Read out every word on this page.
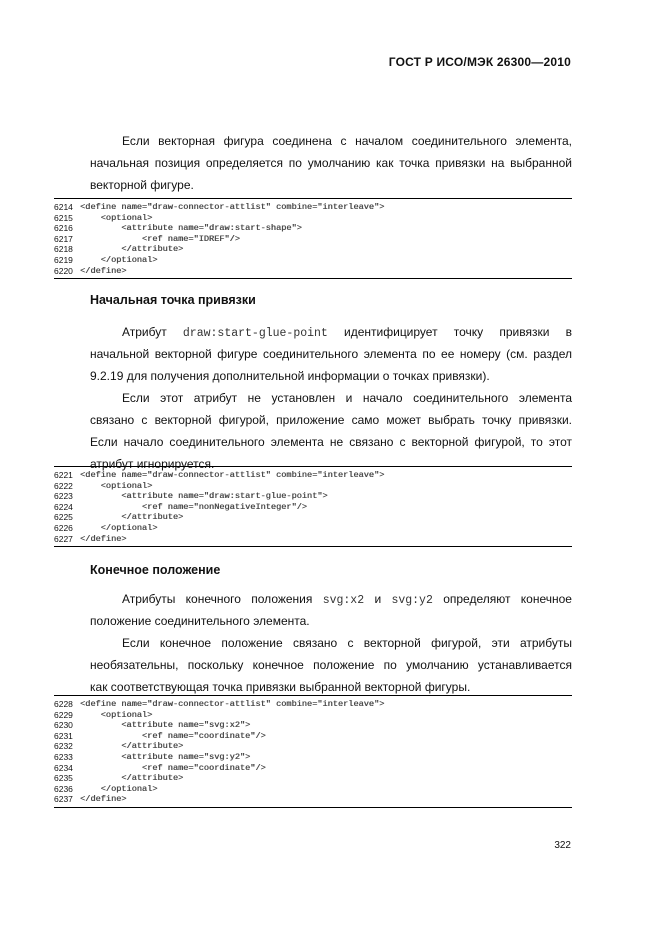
ГОСТ Р ИСО/МЭК 26300—2010
Если векторная фигура соединена с началом соединительного элемента,
начальная позиция определяется по умолчанию как точка привязки на выбранной
векторной фигуре.
6214 <define name="draw-connector-attlist" combine="interleave">
6215 <optional>
6216 <attribute name="draw:start-shape">
6217 <ref name="IDREF"/>
6218 </attribute>
6219 </optional>
6220 </define>
Начальная точка привязки
Атрибут draw:start-glue-point идентифицирует точку привязки в
начальной векторной фигуре соединительного элемента по ее номеру (см. раздел
9.2.19 для получения дополнительной информации о точках привязки).
Если этот атрибут не установлен и начало соединительного элемента
связано с векторной фигурой, приложение само может выбрать точку привязки.
Если начало соединительного элемента не связано с векторной фигурой, то этот
атрибут игнорируется.
6221 <define name="draw-connector-attlist" combine="interleave">
6222 <optional>
6223 <attribute name="draw:start-glue-point">
6224 <ref name="nonNegativeInteger"/>
6225 </attribute>
6226 </optional>
6227 </define>
Конечное положение
Атрибуты конечного положения svg:x2 и svg:y2 определяют конечное
положение соединительного элемента.
Если конечное положение связано с векторной фигурой, эти атрибуты
необязательны, поскольку конечное положение по умолчанию устанавливается
как соответствующая точка привязки выбранной векторной фигуры.
6228 <define name="draw-connector-attlist" combine="interleave">
6229 <optional>
6230 <attribute name="svg:x2">
6231 <ref name="coordinate"/>
6232 </attribute>
6233 <attribute name="svg:y2">
6234 <ref name="coordinate"/>
6235 </attribute>
6236 </optional>
6237 </define>
322
